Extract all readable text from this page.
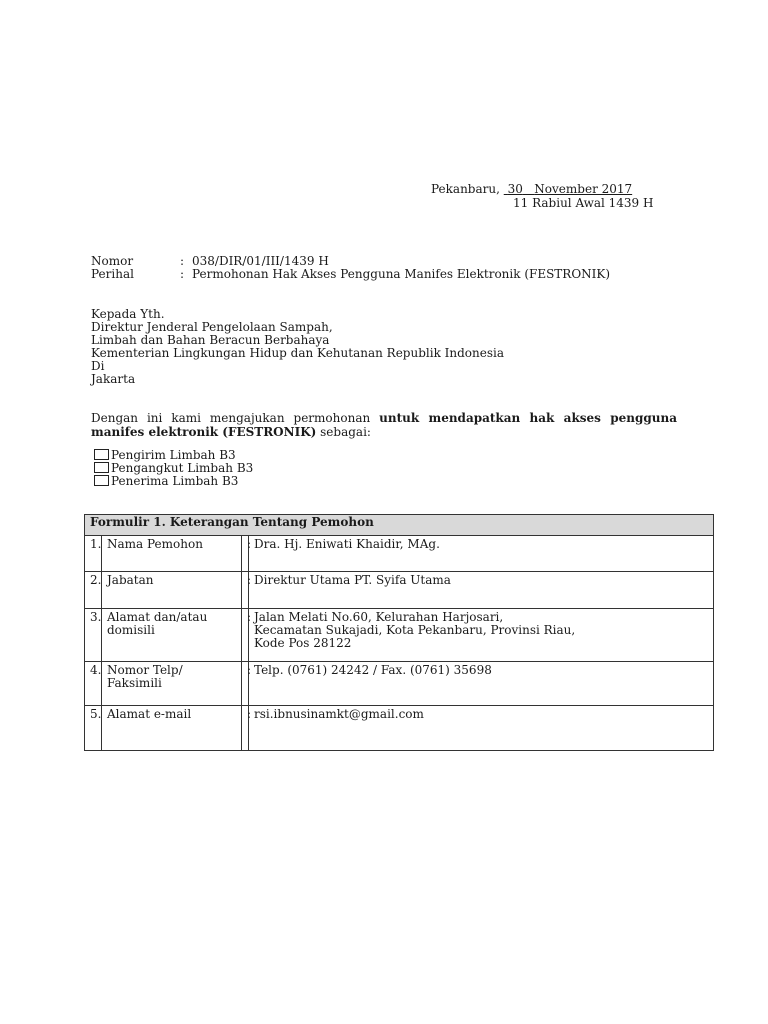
Pekanbaru, 30 November 2017
11 Rabiul Awal 1439 H
Nomor	: 038/DIR/01/III/1439 H
Perihal	: Permohonan Hak Akses Pengguna Manifes Elektronik (FESTRONIK)
Kepada Yth.
Direktur Jenderal Pengelolaan Sampah,
Limbah dan Bahan Beracun Berbahaya
Kementerian Lingkungan Hidup dan Kehutanan Republik Indonesia
Di
Jakarta
Dengan ini kami mengajukan permohonan untuk mendapatkan hak akses pengguna manifes elektronik (FESTRONIK) sebagai:
Pengirim Limbah B3
Pengangkut Limbah B3
Penerima Limbah B3
Formulir 1. Keterangan Tentang Pemohon			
1.	Nama Pemohon	:	Dra. Hj. Eniwati Khaidir, MAg.
2.	Jabatan	:	Direktur Utama PT. Syifa Utama
3.	Alamat dan/atau
domisili	:	Jalan Melati No.60, Kelurahan Harjosari,
Kecamatan Sukajadi, Kota Pekanbaru, Provinsi Riau,
Kode Pos 28122
4.	Nomor Telp/
Faksimili	:	Telp. (0761) 24242 / Fax. (0761) 35698
5.	Alamat e-mail	:	rsi.ibnusinamkt@gmail.com
